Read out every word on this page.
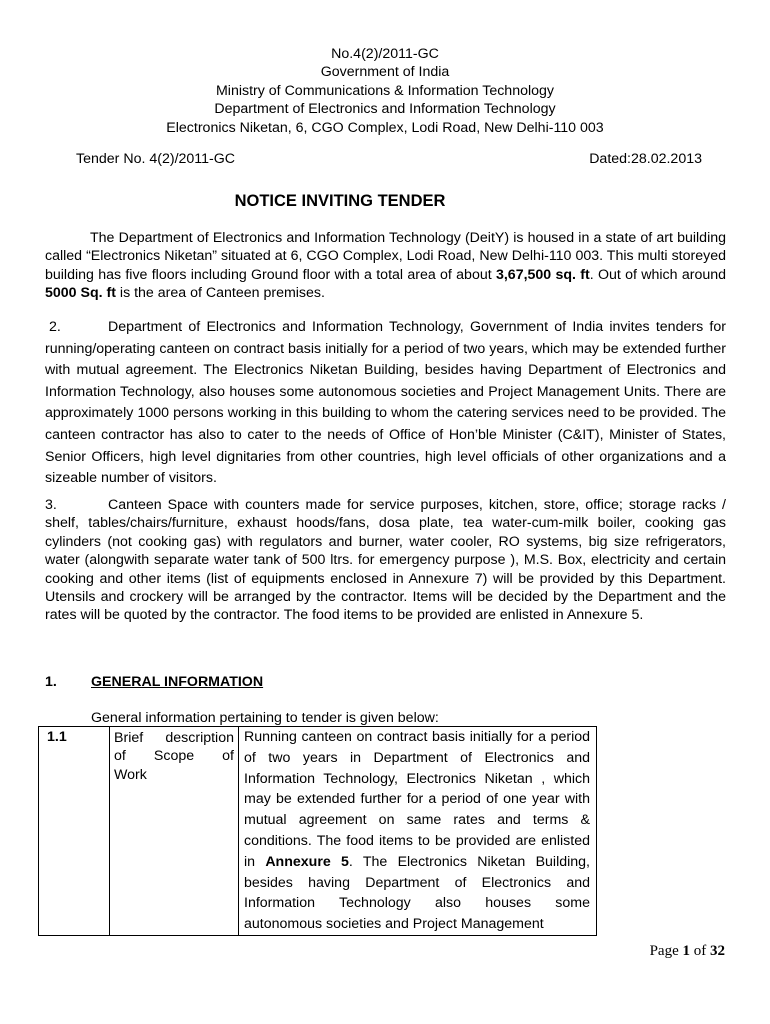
No.4(2)/2011-GC
Government of India
Ministry of Communications & Information Technology
Department of Electronics and Information Technology
Electronics Niketan, 6, CGO Complex, Lodi Road, New Delhi-110 003
Tender No. 4(2)/2011-GC	Dated:28.02.2013
NOTICE INVITING TENDER
The Department of Electronics and Information Technology (DeitY) is housed in a state of art building called “Electronics Niketan” situated at 6, CGO Complex, Lodi Road, New Delhi-110 003. This multi storeyed building has five floors including Ground floor with a total area of about 3,67,500 sq. ft. Out of which around 5000 Sq. ft is the area of Canteen premises.
2.	Department of Electronics and Information Technology, Government of India invites tenders for running/operating canteen on contract basis initially for a period of two years, which may be extended further with mutual agreement. The Electronics Niketan Building, besides having Department of Electronics and Information Technology, also houses some autonomous societies and Project Management Units. There are approximately 1000 persons working in this building to whom the catering services need to be provided. The canteen contractor has also to cater to the needs of Office of Hon’ble Minister (C&IT), Minister of States, Senior Officers, high level dignitaries from other countries, high level officials of other organizations and a sizeable number of visitors.
3.	Canteen Space with counters made for service purposes, kitchen, store, office; storage racks / shelf, tables/chairs/furniture, exhaust hoods/fans, dosa plate, tea water-cum-milk boiler, cooking gas cylinders (not cooking gas) with regulators and burner, water cooler, RO systems, big size refrigerators, water (alongwith separate water tank of 500 ltrs. for emergency purpose ), M.S. Box, electricity and certain cooking and other items (list of equipments enclosed in Annexure 7) will be provided by this Department. Utensils and crockery will be arranged by the contractor. Items will be decided by the Department and the rates will be quoted by the contractor. The food items to be provided are enlisted in Annexure 5.
1. GENERAL INFORMATION
General information pertaining to tender is given below:
1.1	Brief description
of Scope of
Work
	Running canteen on contract basis initially for a period of two years in Department of Electronics and Information Technology, Electronics Niketan , which may be extended further for a period of one year with mutual agreement on same rates and terms & conditions. The food items to be provided are enlisted in Annexure 5. The Electronics Niketan Building, besides having Department of Electronics and Information Technology also houses some autonomous societies and Project Management
Page 1 of 32
